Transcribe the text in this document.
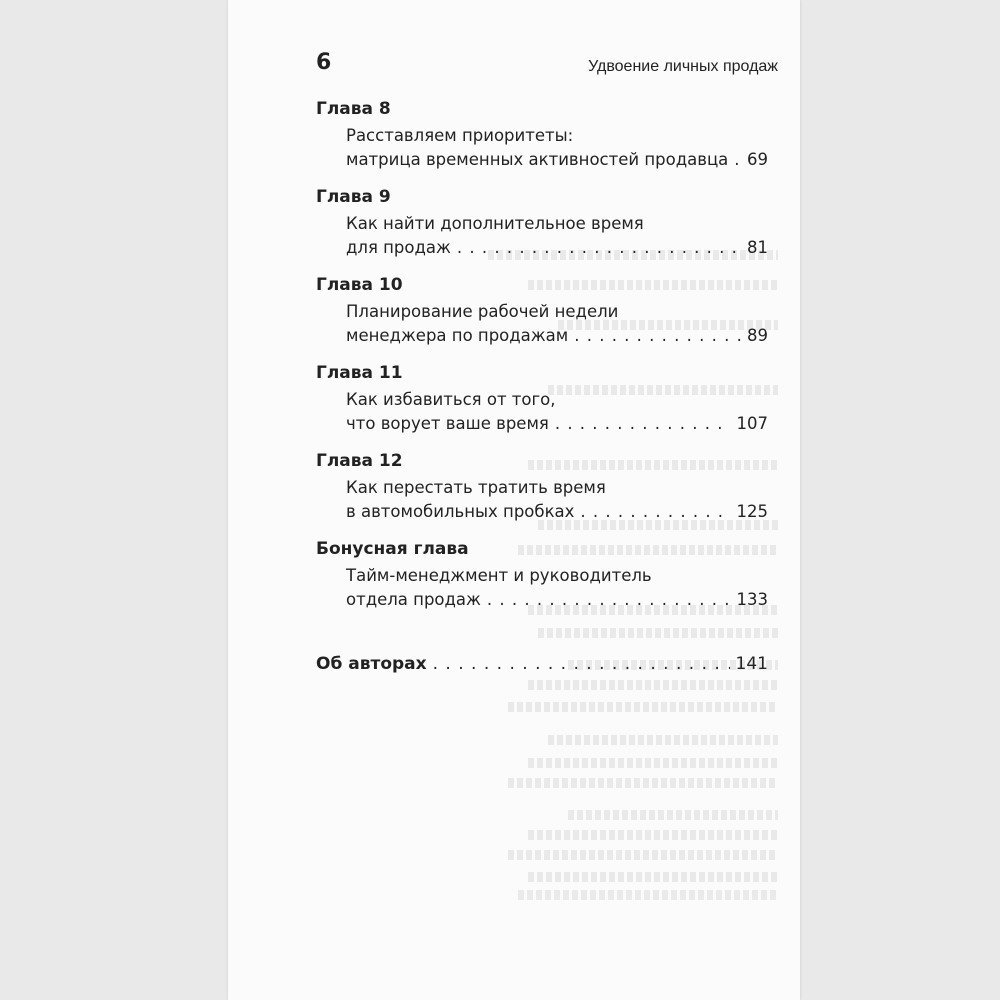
6	Удвоение личных продаж
Глава 8
Расставляем приоритеты:
матрица временных активностей продавца . . . 69
Глава 9
Как найти дополнительное время
для продаж . . .	81
Глава 10
Планирование рабочей недели
менеджера по продажам . . .	89
Глава 11
Как избавиться от того,
что ворует ваше время . . .	107
Глава 12
Как перестать тратить время
в автомобильных пробках . . .	125
Бонусная глава
Тайм-менеджмент и руководитель
отдела продаж . . .	133
Об авторах . . .	141
